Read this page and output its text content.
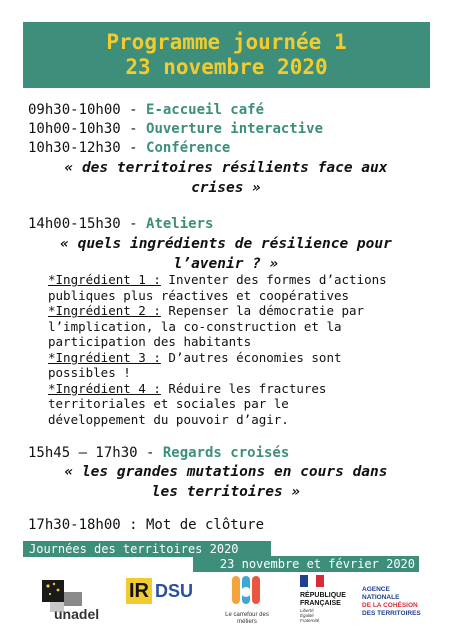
Programme journée 1
23 novembre 2020
09h30-10h00 - E-accueil café
10h00-10h30 - Ouverture interactive
10h30-12h30 - Conférence
« des territoires résilients face aux
crises »
14h00-15h30 - Ateliers
« quels ingrédients de résilience pour
l’avenir ? »
*Ingrédient 1 : Inventer des formes d’actions
publiques plus réactives et coopératives
*Ingrédient 2 : Repenser la démocratie par
l’implication, la co-construction et la
participation des habitants
*Ingrédient 3 : D’autres économies sont
possibles !
*Ingrédient 4 : Réduire les fractures
territoriales et sociales par le
développement du pouvoir d’agir.
15h45 – 17h30 - Regards croisés
« les grandes mutations en cours dans
les territoires »
17h30-18h00 : Mot de clôture
Journées des territoires 2020
23 novembre et février 2020
unadel
IR DSU
Le carrefour des métiers
RÉPUBLIQUE
FRANÇAISE
Liberté
Égalité
Fraternité
AGENCE
NATIONALE
DE LA COHÉSION
DES TERRITOIRES
